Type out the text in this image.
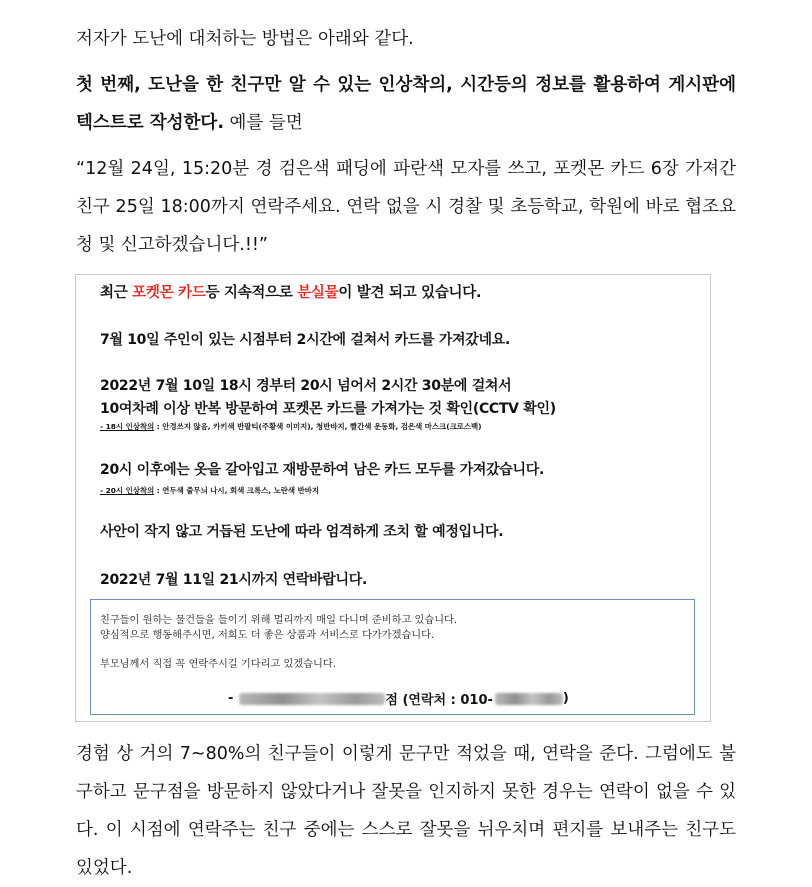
저자가 도난에 대처하는 방법은 아래와 같다.

첫 번째, 도난을 한 친구만 알 수 있는 인상착의, 시간등의 정보를 활용하여 게시판에 텍스트로 작성한다. 예를 들면

“12월 24일, 15:20분 경 검은색 패딩에 파란색 모자를 쓰고, 포켓몬 카드 6장 가져간 친구 25일 18:00까지 연락주세요. 연락 없을 시 경찰 및 초등학교, 학원에 바로 협조요청 및 신고하겠습니다.!!”

최근 포켓몬 카드등 지속적으로 분실물이 발견 되고 있습니다.
7월 10일 주인이 있는 시점부터 2시간에 걸쳐서 카드를 가져갔네요.
2022년 7월 10일 18시 경부터 20시 넘어서 2시간 30분에 걸쳐서
10여차례 이상 반복 방문하여 포켓몬 카드를 가져가는 것 확인(CCTV 확인)
- 18시 인상착의 : 안경쓰지 않음, 카키색 반팔티(주황색 이미지), 청반바지, 빨간색 운동화, 검은색 마스크(크로스백)
20시 이후에는 옷을 갈아입고 재방문하여 남은 카드 모두를 가져갔습니다.
- 20시 인상착의 : 연두색 줄무늬 나시, 회색 크록스, 노란색 반바지
사안이 작지 않고 거듭된 도난에 따라 엄격하게 조치 할 예정입니다.
2022년 7월 11일 21시까지 연락바랍니다.
친구들이 원하는 물건들을 들이기 위해 멀리까지 매일 다니며 준비하고 있습니다.
양심적으로 행동해주시면, 저희도 더 좋은 상품과 서비스로 다가가겠습니다.
부모님께서 직접 꼭 연락주시길 기다리고 있겠습니다.
-	점 (연락처 : 010-	)

경험 상 거의 7~80%의 친구들이 이렇게 문구만 적었을 때, 연락을 준다. 그럼에도 불구하고 문구점을 방문하지 않았다거나 잘못을 인지하지 못한 경우는 연락이 없을 수 있다. 이 시점에 연락주는 친구 중에는 스스로 잘못을 뉘우치며 편지를 보내주는 친구도 있었다.
